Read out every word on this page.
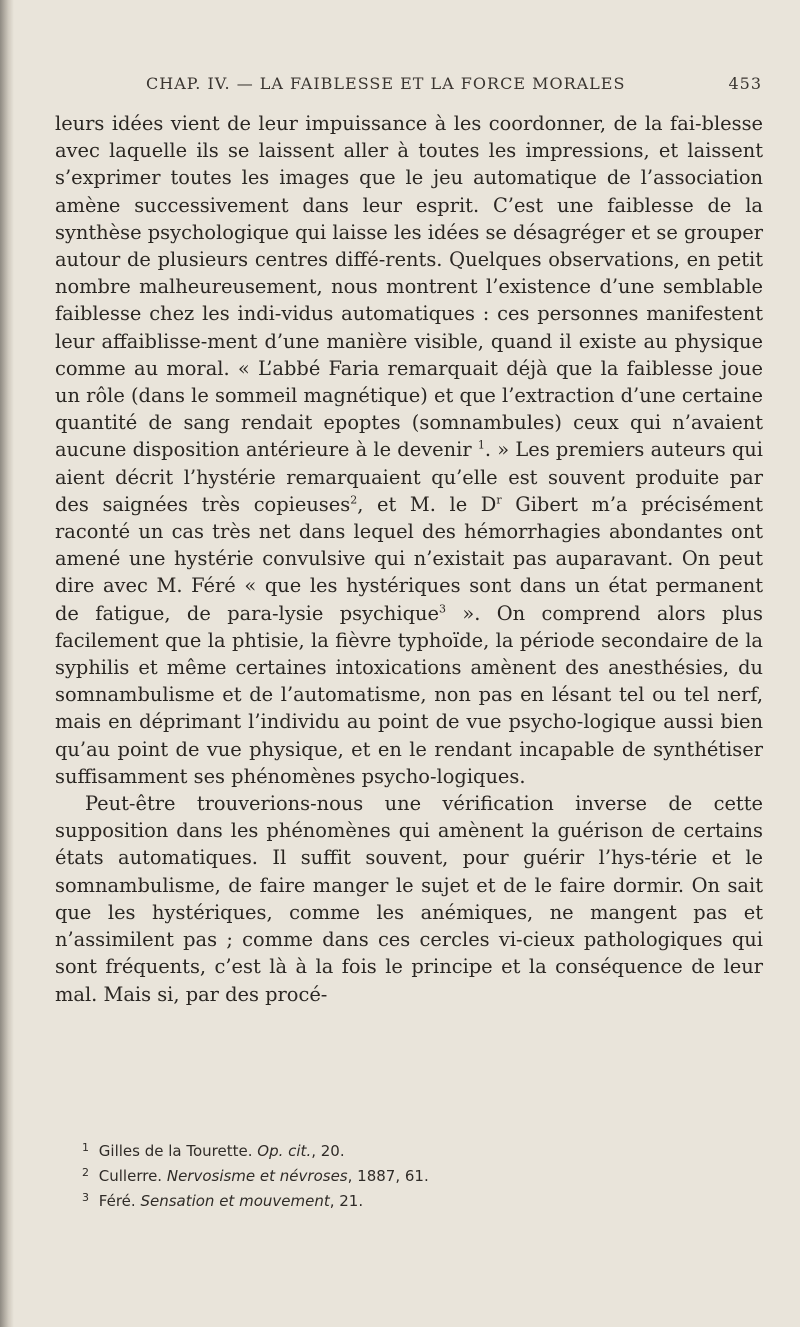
CHAP. IV. — LA FAIBLESSE ET LA FORCE MORALES	453

leurs idées vient de leur impuissance à les coordonner, de la fai-blesse avec laquelle ils se laissent aller à toutes les impressions, et laissent s’exprimer toutes les images que le jeu automatique de l’association amène successivement dans leur esprit. C’est une faiblesse de la synthèse psychologique qui laisse les idées se désagréger et se grouper autour de plusieurs centres diffé-rents. Quelques observations, en petit nombre malheureusement, nous montrent l’existence d’une semblable faiblesse chez les indi-vidus automatiques : ces personnes manifestent leur affaiblisse-ment d’une manière visible, quand il existe au physique comme au moral. « L’abbé Faria remarquait déjà que la faiblesse joue un rôle (dans le sommeil magnétique) et que l’extraction d’une certaine quantité de sang rendait epoptes (somnambules) ceux qui n’avaient aucune disposition antérieure à le devenir $^1$. » Les premiers auteurs qui aient décrit l’hystérie remarquaient qu’elle est souvent produite par des saignées très copieuses$^2$, et M. le $D^r$ Gibert m’a précisément raconté un cas très net dans lequel des hémorrhagies abondantes ont amené une hystérie convulsive qui n’existait pas auparavant. On peut dire avec M. Féré « que les hystériques sont dans un état permanent de fatigue, de para-lysie psychique$^3$ ». On comprend alors plus facilement que la phtisie, la fièvre typhoïde, la période secondaire de la syphilis et même certaines intoxications amènent des anesthésies, du somnambulisme et de l’automatisme, non pas en lésant tel ou tel nerf, mais en déprimant l’individu au point de vue psycho-logique aussi bien qu’au point de vue physique, et en le rendant incapable de synthétiser suffisamment ses phénomènes psycho-logiques.

Peut-être trouverions-nous une vérification inverse de cette supposition dans les phénomènes qui amènent la guérison de certains états automatiques. Il suffit souvent, pour guérir l’hys-térie et le somnambulisme, de faire manger le sujet et de le faire dormir. On sait que les hystériques, comme les anémiques, ne mangent pas et n’assimilent pas ; comme dans ces cercles vi-cieux pathologiques qui sont fréquents, c’est là à la fois le principe et la conséquence de leur mal. Mais si, par des procé-

1 Gilles de la Tourette. Op. cit., 20.
2 Cullerre. Nervosisme et névroses, 1887, 61.
3 Féré. Sensation et mouvement, 21.
